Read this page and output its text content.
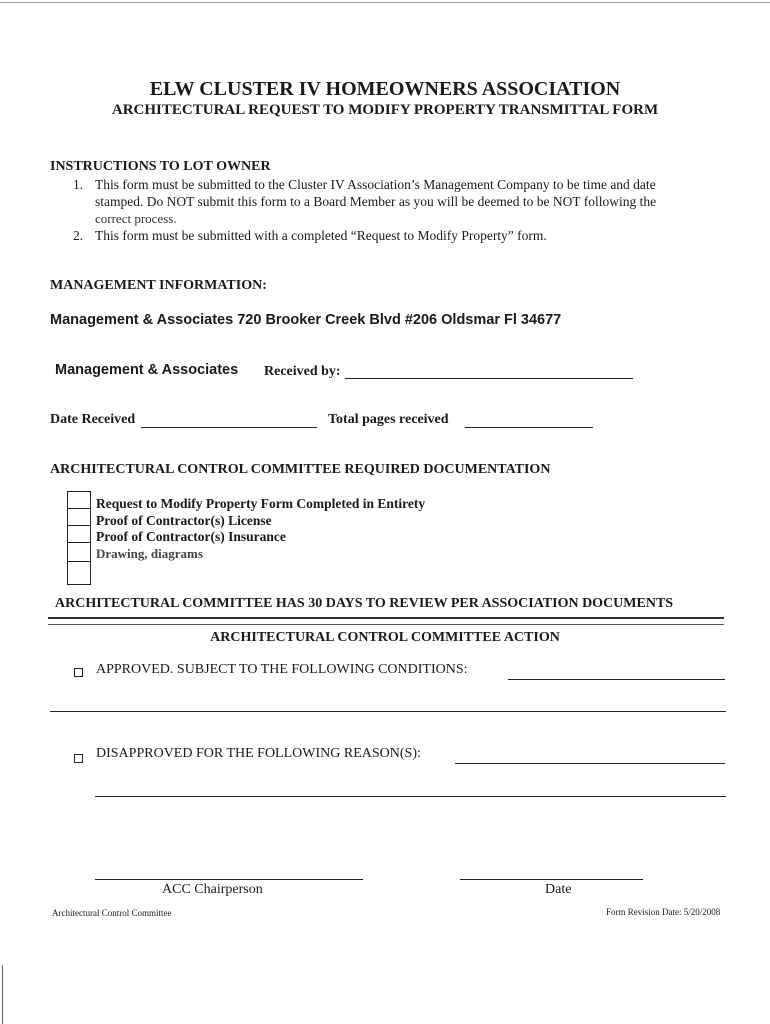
ELW CLUSTER IV HOMEOWNERS ASSOCIATION
ARCHITECTURAL REQUEST TO MODIFY PROPERTY TRANSMITTAL FORM
INSTRUCTIONS TO LOT OWNER
1. This form must be submitted to the Cluster IV Association’s Management Company to be time and date
stamped. Do NOT submit this form to a Board Member as you will be deemed to be NOT following the
correct process.
2. This form must be submitted with a completed “Request to Modify Property” form.
MANAGEMENT INFORMATION:
Management & Associates 720 Brooker Creek Blvd #206 Oldsmar Fl 34677
Management & Associates Received by:
Date Received	Total pages received
ARCHITECTURAL CONTROL COMMITTEE REQUIRED DOCUMENTATION
Request to Modify Property Form Completed in Entirety
Proof of Contractor(s) License
Proof of Contractor(s) Insurance
Drawing, diagrams
ARCHITECTURAL COMMITTEE HAS 30 DAYS TO REVIEW PER ASSOCIATION DOCUMENTS
ARCHITECTURAL CONTROL COMMITTEE ACTION
APPROVED. SUBJECT TO THE FOLLOWING CONDITIONS:
DISAPPROVED FOR THE FOLLOWING REASON(S):
ACC Chairperson	Date
Architectural Control Committee	Form Revision Date: 5/20/2008
